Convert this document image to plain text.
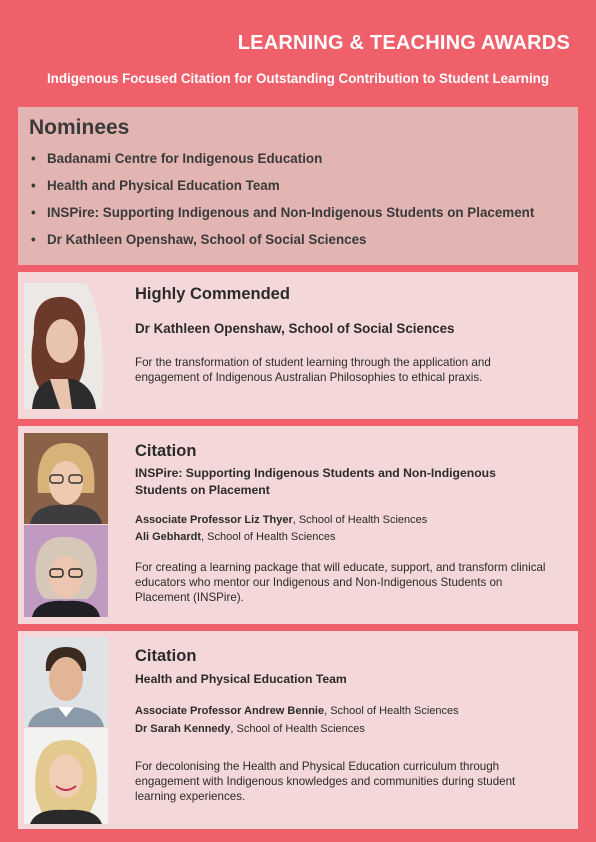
LEARNING & TEACHING AWARDS
Indigenous Focused Citation for Outstanding Contribution to Student Learning
Nominees
• Badanami Centre for Indigenous Education
• Health and Physical Education Team
• INSPire: Supporting Indigenous and Non-Indigenous Students on Placement
• Dr Kathleen Openshaw, School of Social Sciences
Highly Commended
Dr Kathleen Openshaw, School of Social Sciences
For the transformation of student learning through the application and engagement of Indigenous Australian Philosophies to ethical praxis.
Citation
INSPire: Supporting Indigenous Students and Non-Indigenous Students on Placement
Associate Professor Liz Thyer, School of Health Sciences
Ali Gebhardt, School of Health Sciences
For creating a learning package that will educate, support, and transform clinical educators who mentor our Indigenous and Non-Indigenous Students on Placement (INSPire).
Citation
Health and Physical Education Team
Associate Professor Andrew Bennie, School of Health Sciences
Dr Sarah Kennedy, School of Health Sciences
For decolonising the Health and Physical Education curriculum through engagement with Indigenous knowledges and communities during student learning experiences.
